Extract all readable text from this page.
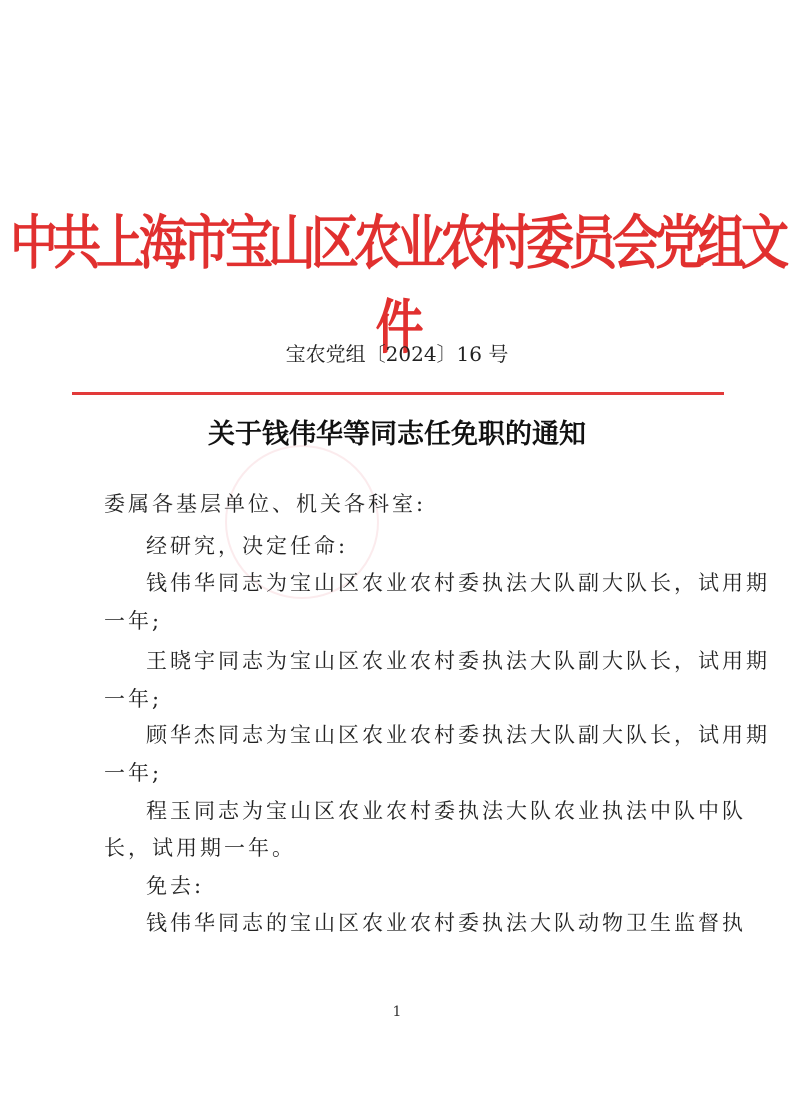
中共上海市宝山区农业农村委员会党组文件
宝农党组〔2024〕16 号
关于钱伟华等同志任免职的通知
委属各基层单位、机关各科室:
经研究，决定任命:
钱伟华同志为宝山区农业农村委执法大队副大队长，试用期
一年;
王晓宇同志为宝山区农业农村委执法大队副大队长，试用期
一年;
顾华杰同志为宝山区农业农村委执法大队副大队长，试用期
一年;
程玉同志为宝山区农业农村委执法大队农业执法中队中队
长，试用期一年。
免去:
钱伟华同志的宝山区农业农村委执法大队动物卫生监督执
1
